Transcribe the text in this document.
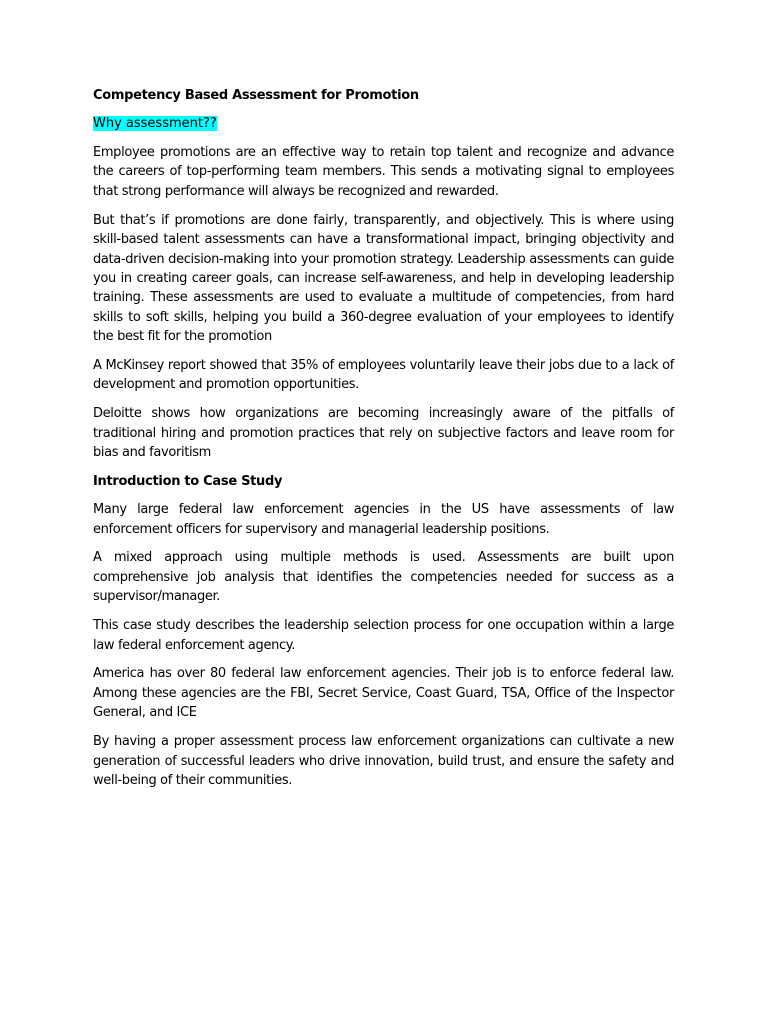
Competency Based Assessment for Promotion
Why assessment??

Employee promotions are an effective way to retain top talent and recognize and advance the careers of top-performing team members. This sends a motivating signal to employees that strong performance will always be recognized and rewarded.

But that’s if promotions are done fairly, transparently, and objectively. This is where using skill-based talent assessments can have a transformational impact, bringing objectivity and data-driven decision-making into your promotion strategy. Leadership assessments can guide you in creating career goals, can increase self-awareness, and help in developing leadership training. These assessments are used to evaluate a multitude of competencies, from hard skills to soft skills, helping you build a 360-degree evaluation of your employees to identify the best fit for the promotion

A McKinsey report showed that 35% of employees voluntarily leave their jobs due to a lack of development and promotion opportunities.

Deloitte shows how organizations are becoming increasingly aware of the pitfalls of traditional hiring and promotion practices that rely on subjective factors and leave room for bias and favoritism

Introduction to Case Study

Many large federal law enforcement agencies in the US have assessments of law enforcement officers for supervisory and managerial leadership positions.

A mixed approach using multiple methods is used. Assessments are built upon comprehensive job analysis that identifies the competencies needed for success as a supervisor/manager.

This case study describes the leadership selection process for one occupation within a large law federal enforcement agency.

America has over 80 federal law enforcement agencies. Their job is to enforce federal law. Among these agencies are the FBI, Secret Service, Coast Guard, TSA, Office of the Inspector General, and ICE

By having a proper assessment process law enforcement organizations can cultivate a new generation of successful leaders who drive innovation, build trust, and ensure the safety and well-being of their communities.
